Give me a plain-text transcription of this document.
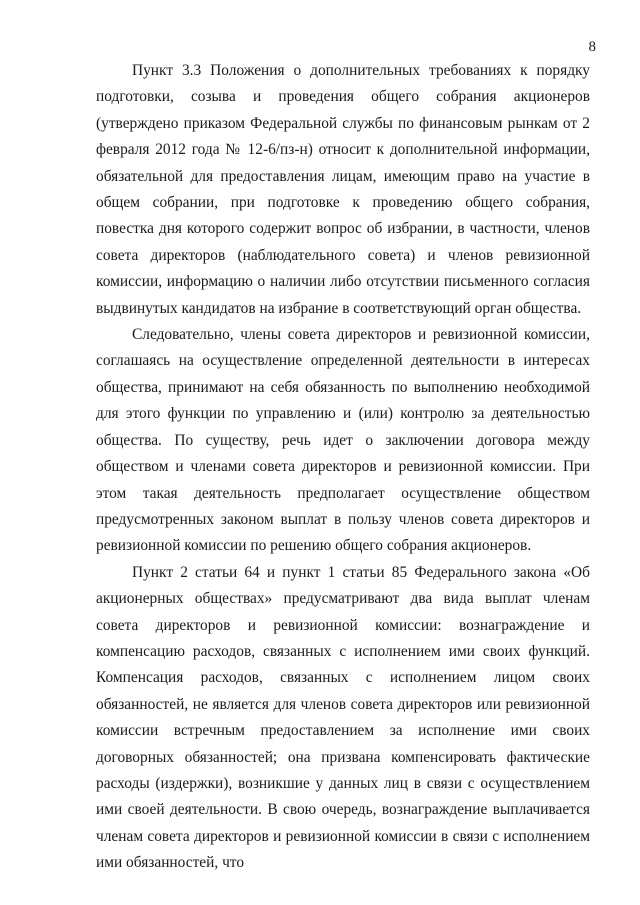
8

Пункт 3.3 Положения о дополнительных требованиях к порядку подготовки, созыва и проведения общего собрания акционеров (утверждено приказом Федеральной службы по финансовым рынкам от 2 февраля 2012 года № 12-6/пз-н) относит к дополнительной информации, обязательной для предоставления лицам, имеющим право на участие в общем собрании, при подготовке к проведению общего собрания, повестка дня которого содержит вопрос об избрании, в частности, членов совета директоров (наблюдательного совета) и членов ревизионной комиссии, информацию о наличии либо отсутствии письменного согласия выдвинутых кандидатов на избрание в соответствующий орган общества.

Следовательно, члены совета директоров и ревизионной комиссии, соглашаясь на осуществление определенной деятельности в интересах общества, принимают на себя обязанность по выполнению необходимой для этого функции по управлению и (или) контролю за деятельностью общества. По существу, речь идет о заключении договора между обществом и членами совета директоров и ревизионной комиссии. При этом такая деятельность предполагает осуществление обществом предусмотренных законом выплат в пользу членов совета директоров и ревизионной комиссии по решению общего собрания акционеров.

Пункт 2 статьи 64 и пункт 1 статьи 85 Федерального закона «Об акционерных обществах» предусматривают два вида выплат членам совета директоров и ревизионной комиссии: вознаграждение и компенсацию расходов, связанных с исполнением ими своих функций. Компенсация расходов, связанных с исполнением лицом своих обязанностей, не является для членов совета директоров или ревизионной комиссии встречным предоставлением за исполнение ими своих договорных обязанностей; она призвана компенсировать фактические расходы (издержки), возникшие у данных лиц в связи с осуществлением ими своей деятельности. В свою очередь, вознаграждение выплачивается членам совета директоров и ревизионной комиссии в связи с исполнением ими обязанностей, что
